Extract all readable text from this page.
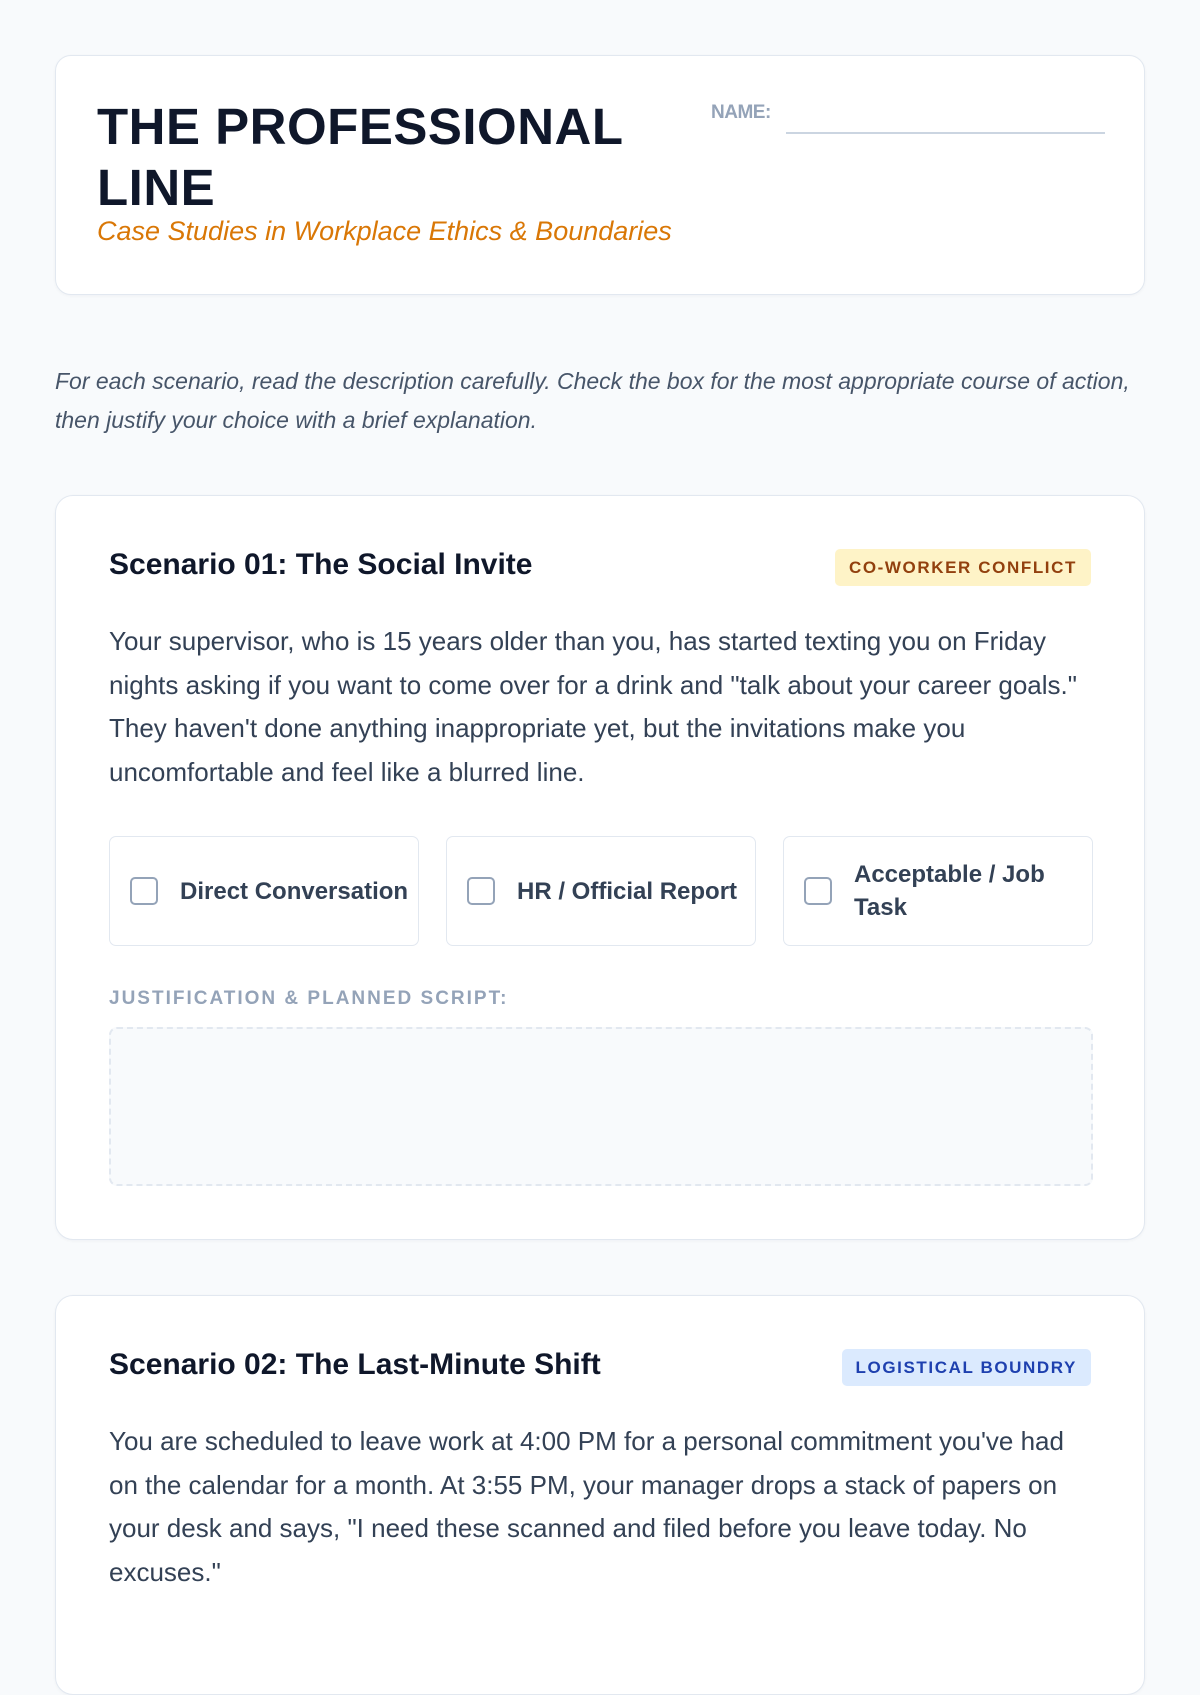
THE PROFESSIONAL LINE
Case Studies in Workplace Ethics & Boundaries
NAME:

For each scenario, read the description carefully. Check the box for the most appropriate course of action, then justify your choice with a brief explanation.

Scenario 01: The Social Invite	CO-WORKER CONFLICT

Your supervisor, who is 15 years older than you, has started texting you on Friday nights asking if you want to come over for a drink and "talk about your career goals." They haven't done anything inappropriate yet, but the invitations make you uncomfortable and feel like a blurred line.

Direct Conversation	HR / Official Report
Acceptable / Job Task
JUSTIFICATION & PLANNED SCRIPT:
Scenario 02: The Last-Minute Shift	LOGISTICAL BOUNDRY

You are scheduled to leave work at 4:00 PM for a personal commitment you've had on the calendar for a month. At 3:55 PM, your manager drops a stack of papers on your desk and says, "I need these scanned and filed before you leave today. No excuses."
